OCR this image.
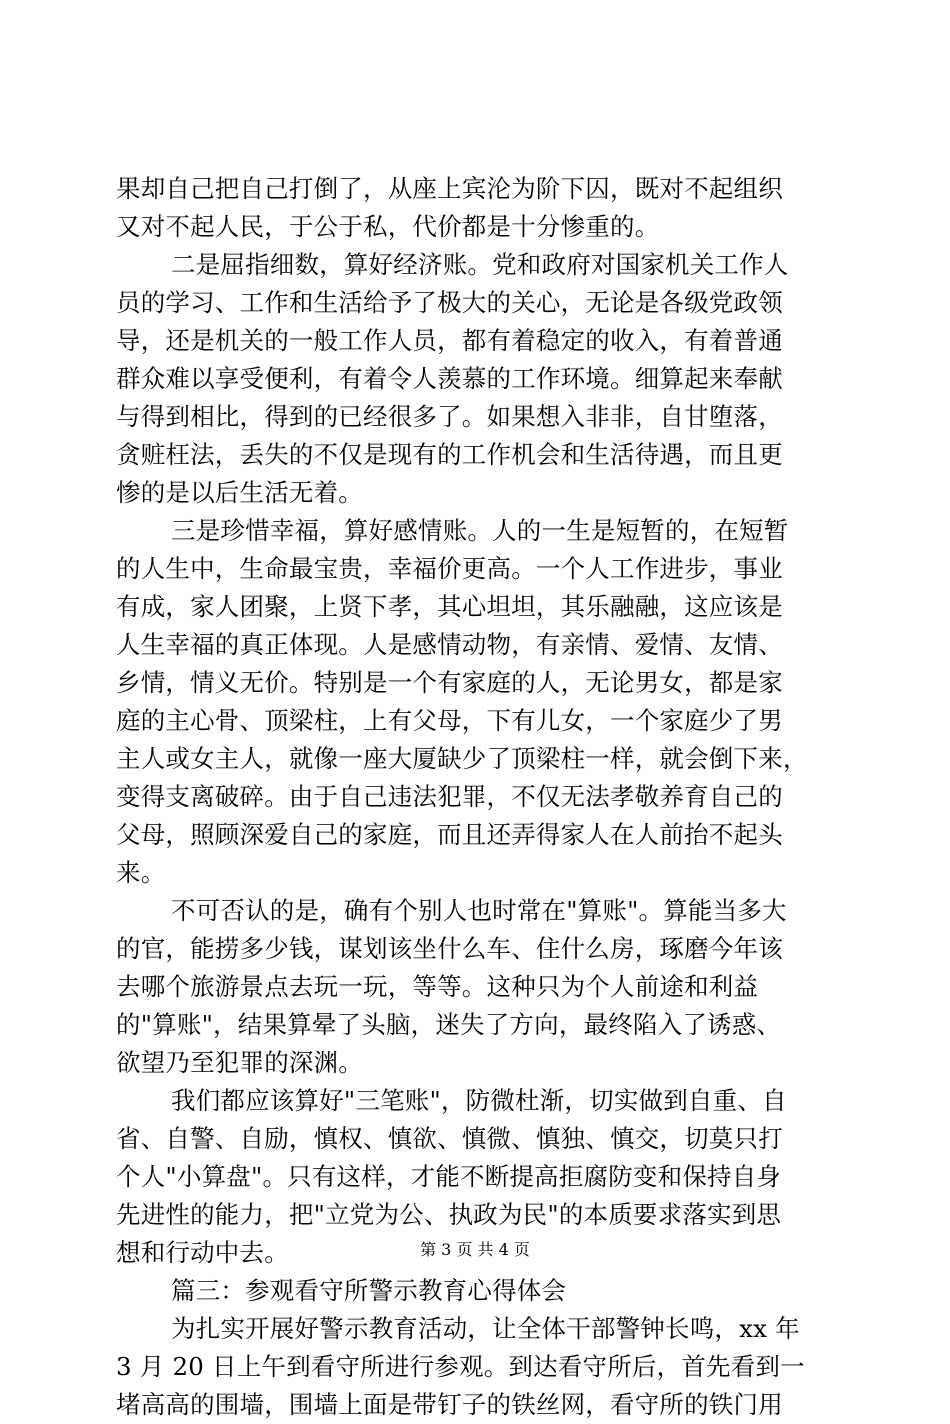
果却自己把自己打倒了，从座上宾沦为阶下囚，既对不起组织
又对不起人民，于公于私，代价都是十分惨重的。
二是屈指细数，算好经济账。党和政府对国家机关工作人
员的学习、工作和生活给予了极大的关心，无论是各级党政领
导，还是机关的一般工作人员，都有着稳定的收入，有着普通
群众难以享受便利，有着令人羡慕的工作环境。细算起来奉献
与得到相比，得到的已经很多了。如果想入非非，自甘堕落，
贪赃枉法，丢失的不仅是现有的工作机会和生活待遇，而且更
惨的是以后生活无着。
三是珍惜幸福，算好感情账。人的一生是短暂的，在短暂
的人生中，生命最宝贵，幸福价更高。一个人工作进步，事业
有成，家人团聚，上贤下孝，其心坦坦，其乐融融，这应该是
人生幸福的真正体现。人是感情动物，有亲情、爱情、友情、
乡情，情义无价。特别是一个有家庭的人，无论男女，都是家
庭的主心骨、顶梁柱，上有父母，下有儿女，一个家庭少了男
主人或女主人，就像一座大厦缺少了顶梁柱一样，就会倒下来，
变得支离破碎。由于自己违法犯罪，不仅无法孝敬养育自己的
父母，照顾深爱自己的家庭，而且还弄得家人在人前抬不起头
来。
不可否认的是，确有个别人也时常在"算账"。算能当多大
的官，能捞多少钱，谋划该坐什么车、住什么房，琢磨今年该
去哪个旅游景点去玩一玩，等等。这种只为个人前途和利益
的"算账"，结果算晕了头脑，迷失了方向，最终陷入了诱惑、
欲望乃至犯罪的深渊。
我们都应该算好"三笔账"，防微杜渐，切实做到自重、自
省、自警、自励，慎权、慎欲、慎微、慎独、慎交，切莫只打
个人"小算盘"。只有这样，才能不断提高拒腐防变和保持自身
先进性的能力，把"立党为公、执政为民"的本质要求落实到思
想和行动中去。
篇三：参观看守所警示教育心得体会
为扎实开展好警示教育活动，让全体干部警钟长鸣，xx 年
3 月 20 日上午到看守所进行参观。到达看守所后，首先看到一
堵高高的围墙，围墙上面是带钉子的铁丝网，看守所的铁门用
第 3 页 共 4 页
